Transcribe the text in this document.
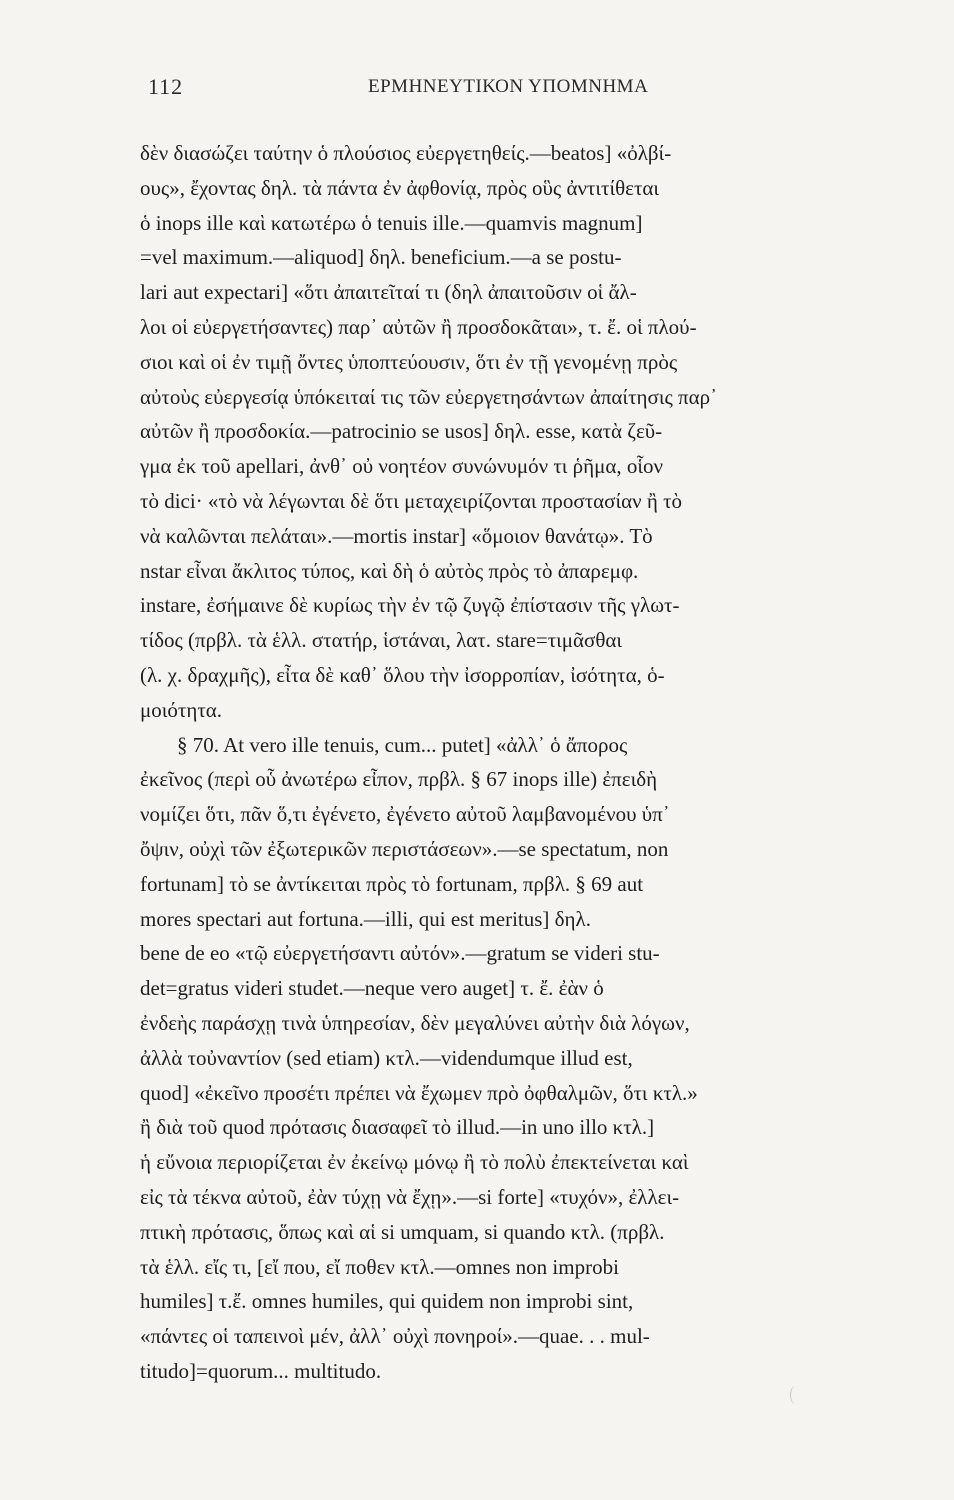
112	ΕΡΜΗΝΕΥΤΙΚΟΝ ΥΠΟΜΝΗΜΑ
δὲν διασώζει ταύτην ὁ πλούσιος εὐεργετηθείς.—beatos] «ὀλβί-
ους», ἔχοντας δηλ. τὰ πάντα ἐν ἀφθονίᾳ, πρὸς οὓς ἀντιτίθεται
ὁ inops ille καὶ κατωτέρω ὁ tenuis ille.—quamvis magnum]
=vel maximum.—aliquod] δηλ. beneficium.—a se postu-
lari aut expectari] «ὅτι ἀπαιτεῖταί τι (δηλ ἀπαιτοῦσιν οἱ ἄλ-
λοι οἱ εὐεργετήσαντες) παρ᾿ αὐτῶν ἢ προσδοκᾶται», τ. ἔ. οἱ πλού-
σιοι καὶ οἱ ἐν τιμῇ ὄντες ὑποπτεύουσιν, ὅτι ἐν τῇ γενομένῃ πρὸς
αὐτοὺς εὐεργεσίᾳ ὑπόκειταί τις τῶν εὐεργετησάντων ἀπαίτησις παρ᾿
αὐτῶν ἢ προσδοκία.—patrocinio se usos] δηλ. esse, κατὰ ζεῦ-
γμα ἐκ τοῦ apellari, ἀνθ᾿ οὐ νοητέον συνώνυμόν τι ῥῆμα, οἷον
τὸ dici· «τὸ νὰ λέγωνται δὲ ὅτι μεταχειρίζονται προστασίαν ἢ τὸ
νὰ καλῶνται πελάται».—mortis instar] «ὅμοιον θανάτῳ». Τὸ
nstar εἶναι ἄκλιτος τύπος, καὶ δὴ ὁ αὐτὸς πρὸς τὸ ἀπαρεμφ.
instare, ἐσήμαινε δὲ κυρίως τὴν ἐν τῷ ζυγῷ ἐπίστασιν τῆς γλωτ-
τίδος (πρβλ. τὰ ἑλλ. στατήρ, ἱστάναι, λατ. stare=τιμᾶσθαι
(λ. χ. δραχμῆς), εἶτα δὲ καθ᾿ ὅλου τὴν ἰσορροπίαν, ἰσότητα, ὁ-
μοιότητα.
§ 70. At vero ille tenuis, cum... putet] «ἀλλ᾿ ὁ ἄπορος
ἐκεῖνος (περὶ οὗ ἀνωτέρω εἶπον, πρβλ. § 67 inops ille) ἐπειδὴ
νομίζει ὅτι, πᾶν ὅ,τι ἐγένετο, ἐγένετο αὐτοῦ λαμβανομένου ὑπ᾿
ὄψιν, οὐχὶ τῶν ἐξωτερικῶν περιστάσεων».—se spectatum, non
fortunam] τὸ se ἀντίκειται πρὸς τὸ fortunam, πρβλ. § 69 aut
mores spectari aut fortuna.—illi, qui est meritus] δηλ.
bene de eo «τῷ εὐεργετήσαντι αὐτόν».—gratum se videri stu-
det=gratus videri studet.—neque vero auget] τ. ἔ. ἐὰν ὁ
ἐνδεὴς παράσχῃ τινὰ ὑπηρεσίαν, δὲν μεγαλύνει αὐτὴν διὰ λόγων,
ἀλλὰ τοὐναντίον (sed etiam) κτλ.—videndumque illud est,
quod] «ἐκεῖνο προσέτι πρέπει νὰ ἔχωμεν πρὸ ὀφθαλμῶν, ὅτι κτλ.»
ἢ διὰ τοῦ quod πρότασις διασαφεῖ τὸ illud.—in uno illo κτλ.]
ἡ εὔνοια περιορίζεται ἐν ἐκείνῳ μόνῳ ἢ τὸ πολὺ ἐπεκτείνεται καὶ
εἰς τὰ τέκνα αὐτοῦ, ἐὰν τύχῃ νὰ ἔχῃ».—si forte] «τυχόν», ἐλλει-
πτικὴ πρότασις, ὅπως καὶ αἱ si umquam, si quando κτλ. (πρβλ.
τὰ ἑλλ. εἴς τι, [εἴ που, εἴ ποθεν κτλ.—omnes non improbi
humiles] τ.ἔ. omnes humiles, qui quidem non improbi sint,
«πάντες οἱ ταπεινοὶ μέν, ἀλλ᾿ οὐχὶ πονηροί».—quae. . . mul-
titudo]=quorum... multitudo.
